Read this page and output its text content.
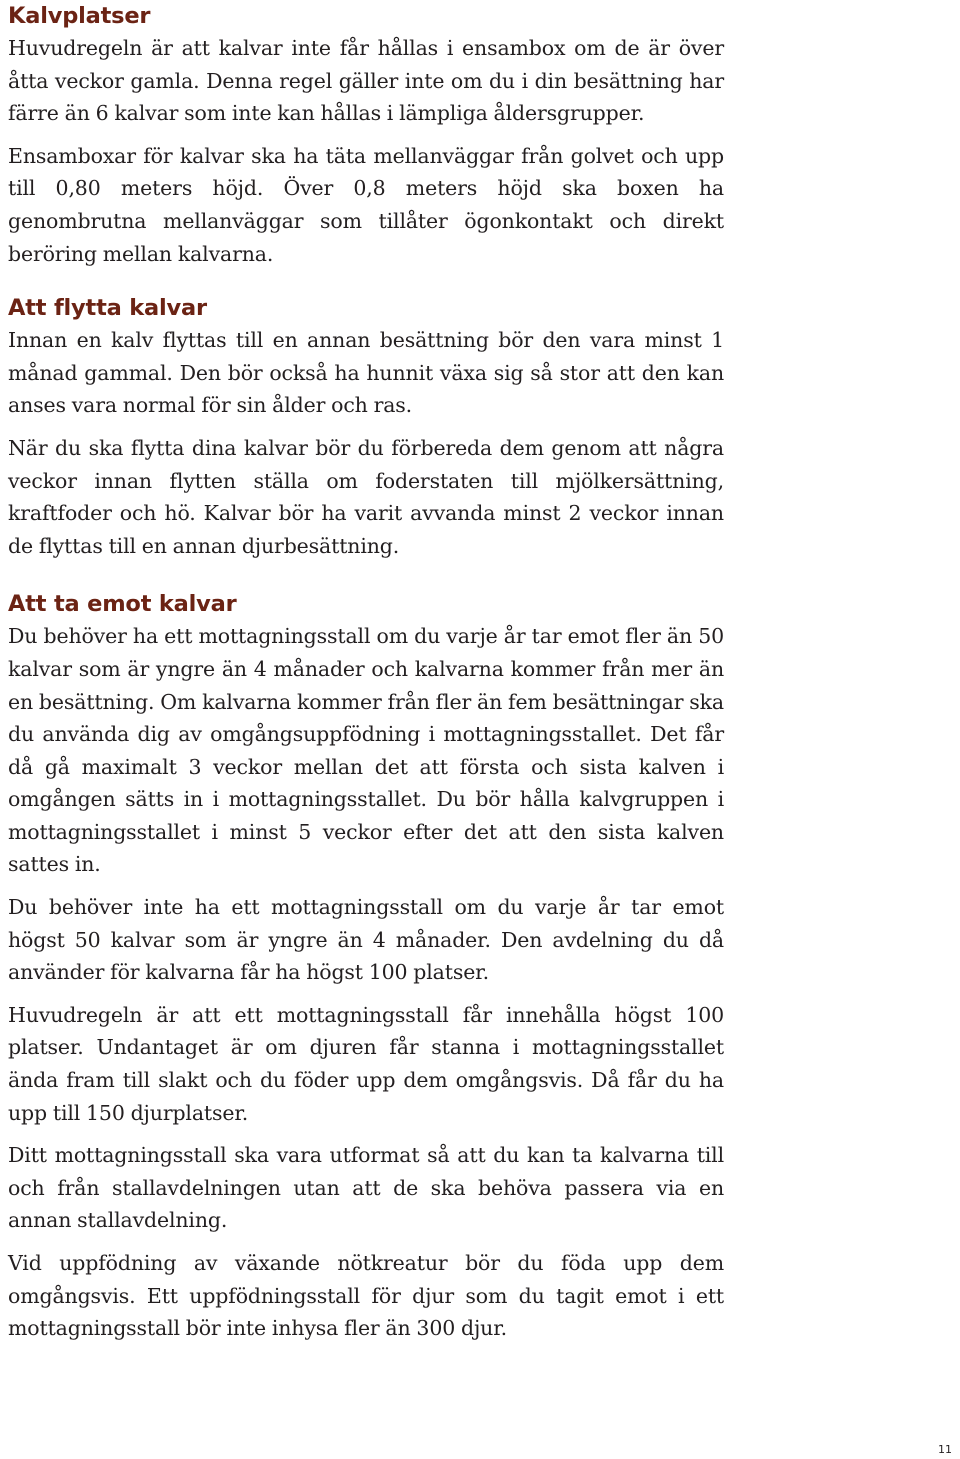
Kalvplatser

Huvudregeln är att kalvar inte får hållas i ensambox om de är över åtta veckor gamla. Denna regel gäller inte om du i din besättning har färre än 6 kalvar som inte kan hållas i lämpliga åldersgrupper.

Ensamboxar för kalvar ska ha täta mellanväggar från golvet och upp till 0,80 meters höjd. Över 0,8 meters höjd ska boxen ha genombrutna mellanväggar som tillåter ögonkontakt och direkt beröring mellan kalvarna.

Att flytta kalvar

Innan en kalv flyttas till en annan besättning bör den vara minst 1 månad gammal. Den bör också ha hunnit växa sig så stor att den kan anses vara normal för sin ålder och ras.

När du ska flytta dina kalvar bör du förbereda dem genom att några veckor innan flytten ställa om foderstaten till mjölkersättning, kraftfoder och hö. Kalvar bör ha varit avvanda minst 2 veckor innan de flyttas till en annan djurbesättning.

Att ta emot kalvar

Du behöver ha ett mottagningsstall om du varje år tar emot fler än 50 kalvar som är yngre än 4 månader och kalvarna kommer från mer än en besättning. Om kalvarna kommer från fler än fem besättningar ska du använda dig av omgångsuppfödning i mottagningsstallet. Det får då gå maximalt 3 veckor mellan det att första och sista kalven i omgången sätts in i mottagningsstallet. Du bör hålla kalvgruppen i mottagningsstallet i minst 5 veckor efter det att den sista kalven sattes in.

Du behöver inte ha ett mottagningsstall om du varje år tar emot högst 50 kalvar som är yngre än 4 månader. Den avdelning du då använder för kalvarna får ha högst 100 platser.

Huvudregeln är att ett mottagningsstall får innehålla högst 100 platser. Undantaget är om djuren får stanna i mottagningsstallet ända fram till slakt och du föder upp dem omgångsvis. Då får du ha upp till 150 djurplatser.

Ditt mottagningsstall ska vara utformat så att du kan ta kalvarna till och från stallavdelningen utan att de ska behöva passera via en annan stallavdelning.

Vid uppfödning av växande nötkreatur bör du föda upp dem omgångsvis. Ett uppfödningsstall för djur som du tagit emot i ett mottagningsstall bör inte inhysa fler än 300 djur.

11
